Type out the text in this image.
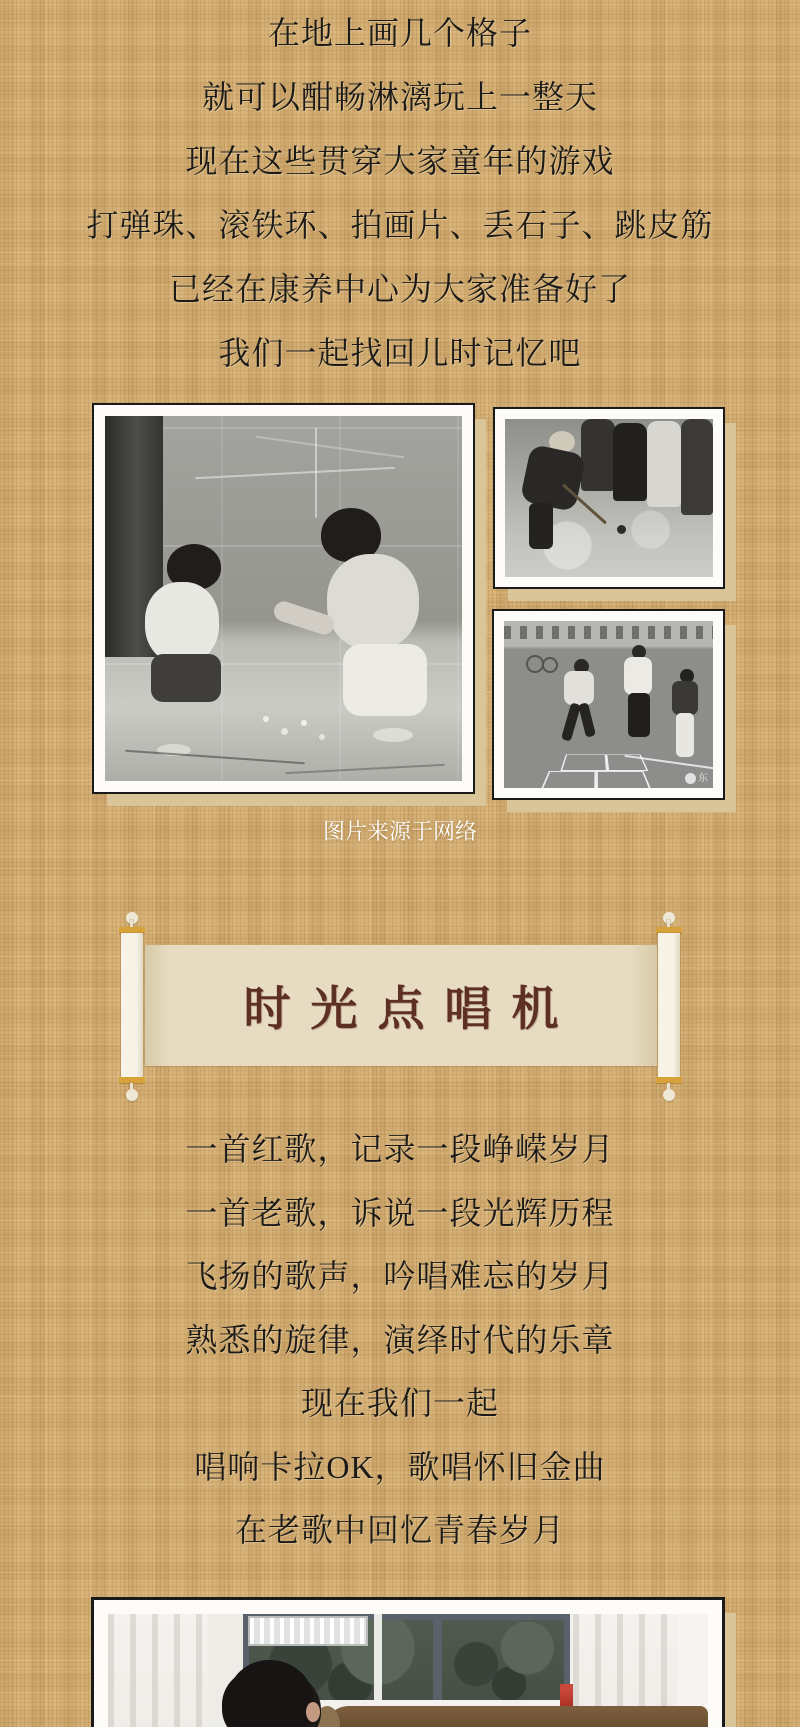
在地上画几个格子
就可以酣畅淋漓玩上一整天
现在这些贯穿大家童年的游戏
打弹珠、滚铁环、拍画片、丢石子、跳皮筋
已经在康养中心为大家准备好了
我们一起找回儿时记忆吧
东
图片来源于网络
时光点唱机
一首红歌，记录一段峥嵘岁月
一首老歌，诉说一段光辉历程
飞扬的歌声，吟唱难忘的岁月
熟悉的旋律，演绎时代的乐章
现在我们一起
唱响卡拉OK，歌唱怀旧金曲
在老歌中回忆青春岁月
